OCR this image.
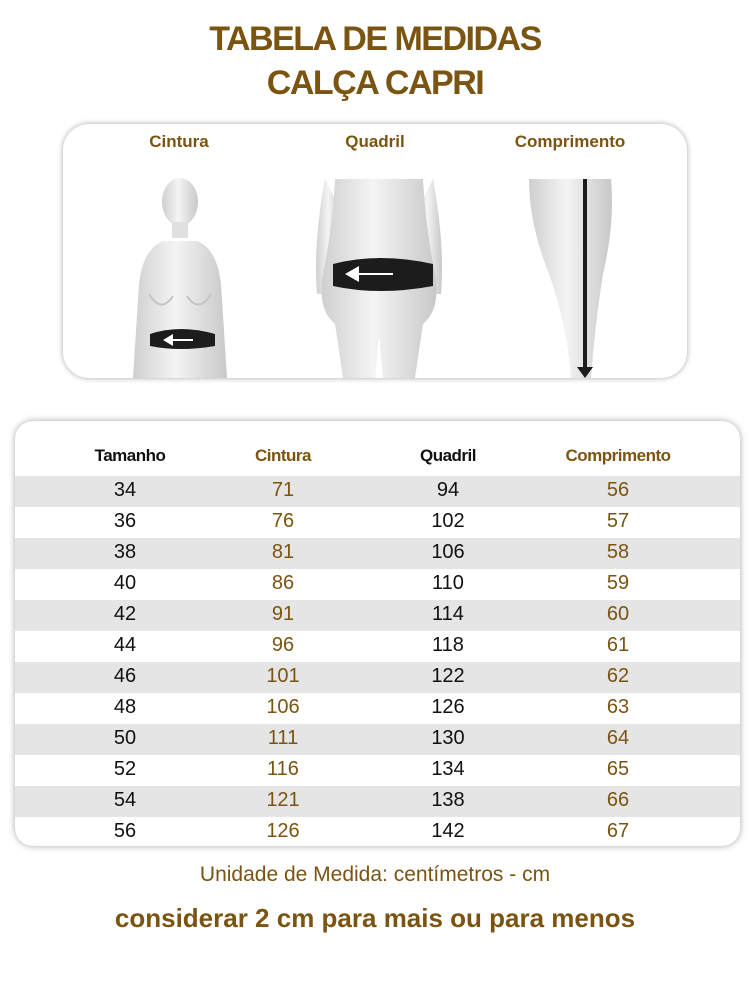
TABELA DE MEDIDAS
CALÇA CAPRI
Cintura	Quadril	Comprimento
Tamanho	Cintura	Quadril	Comprimento
34	71	94	56
36	76	102	57
38	81	106	58
40	86	110	59
42	91	114	60
44	96	118	61
46	101	122	62
48	106	126	63
50	111	130	64
52	116	134	65
54	121	138	66
56	126	142	67
Unidade de Medida: centímetros - cm
considerar 2 cm para mais ou para menos
